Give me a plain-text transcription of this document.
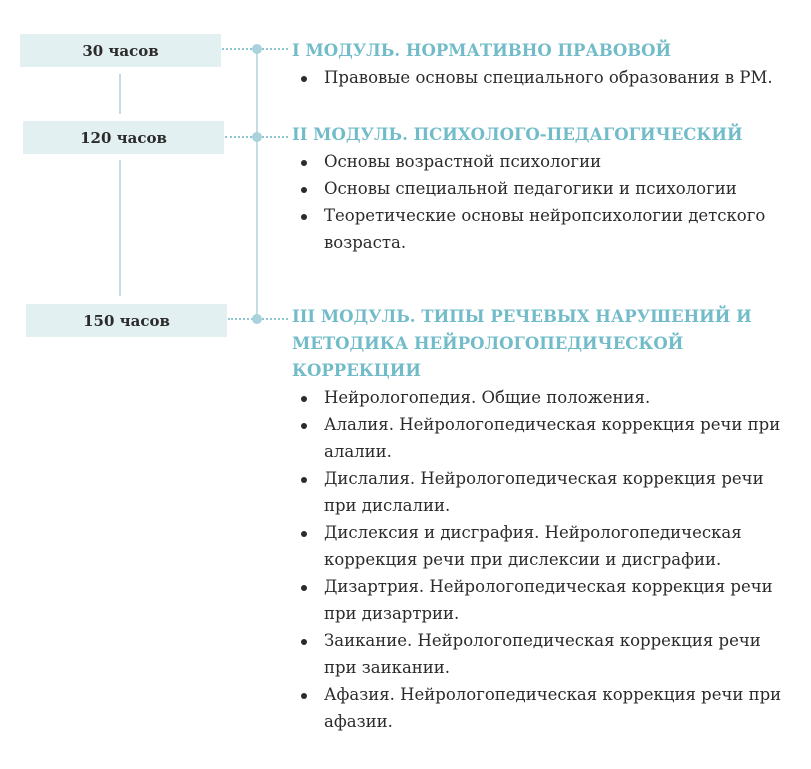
30 часов
120 часов
150 часов
I МОДУЛЬ. НОРМАТИВНО ПРАВОВОЙ
Правовые основы специального образования в РМ.
II МОДУЛЬ. ПСИХОЛОГО-ПЕДАГОГИЧЕСКИЙ
Основы возрастной психологии
Основы специальной педагогики и психологии
Теоретические основы нейропсихологии детского возраста.
III МОДУЛЬ. ТИПЫ РЕЧЕВЫХ НАРУШЕНИЙ И МЕТОДИКА НЕЙРОЛОГОПЕДИЧЕСКОЙ КОРРЕКЦИИ
Нейрологопедия. Общие положения.
Алалия. Нейрологопедическая коррекция речи при алалии.
Дислалия. Нейрологопедическая коррекция речи при дислалии.
Дислексия и дисграфия. Нейрологопедическая коррекция речи при дислексии и дисграфии.
Дизартрия. Нейрологопедическая коррекция речи при дизартрии.
Заикание. Нейрологопедическая коррекция речи при заикании.
Афазия. Нейрологопедическая коррекция речи при афазии.
